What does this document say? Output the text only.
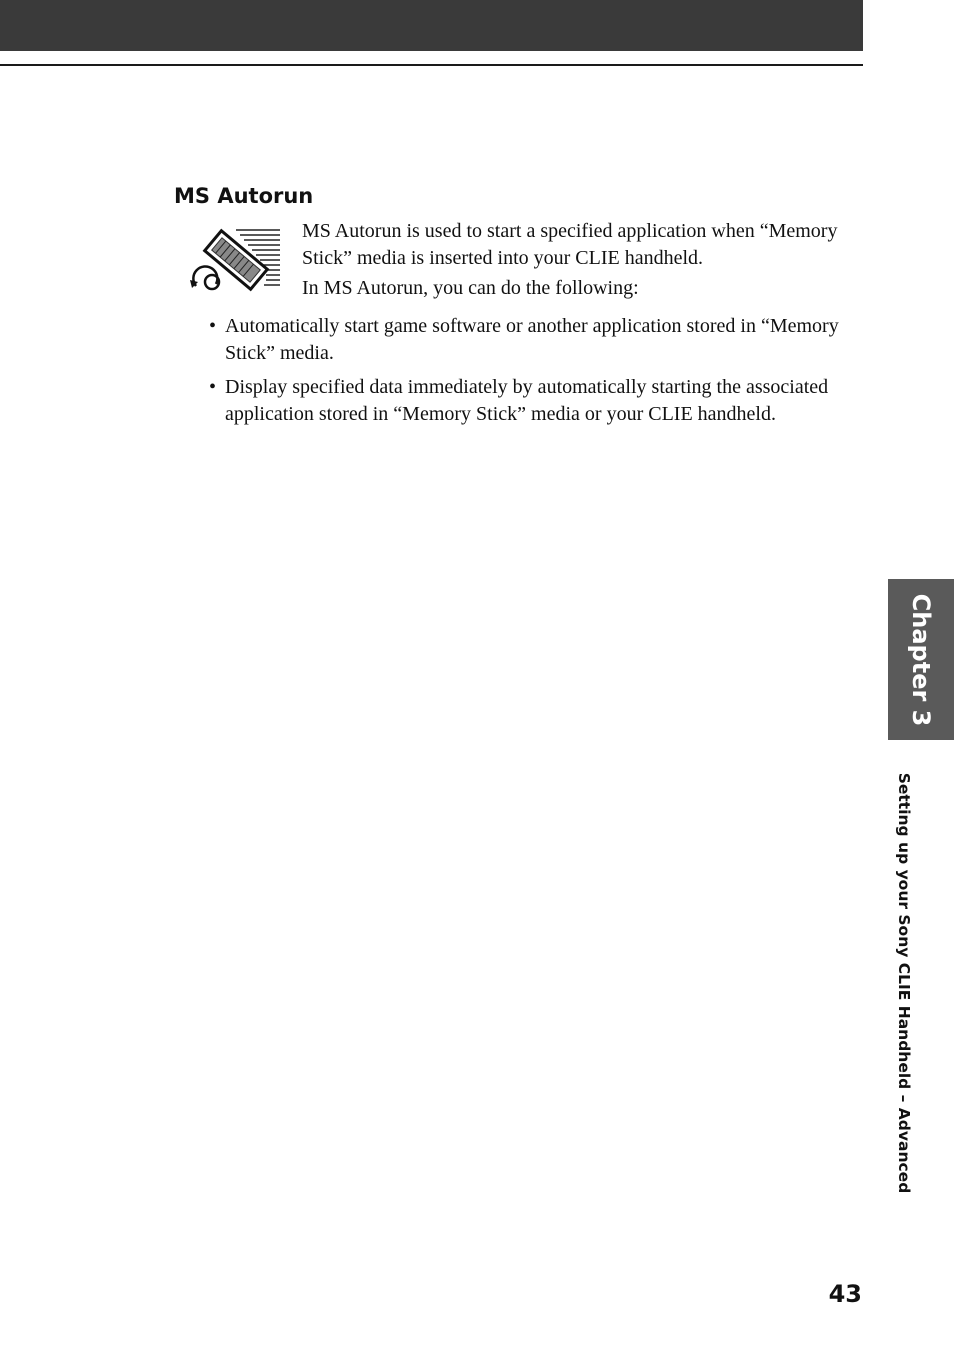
MS Autorun

MS Autorun is used to start a specified application when “Memory Stick” media is inserted into your CLIE handheld.

In MS Autorun, you can do the following:

• Automatically start game software or another application stored in “Memory Stick” media.
• Display specified data immediately by automatically starting the associated application stored in “Memory Stick” media or your CLIE handheld.
Chapter 3
Setting up your Sony CLIE Handheld – Advanced
43
